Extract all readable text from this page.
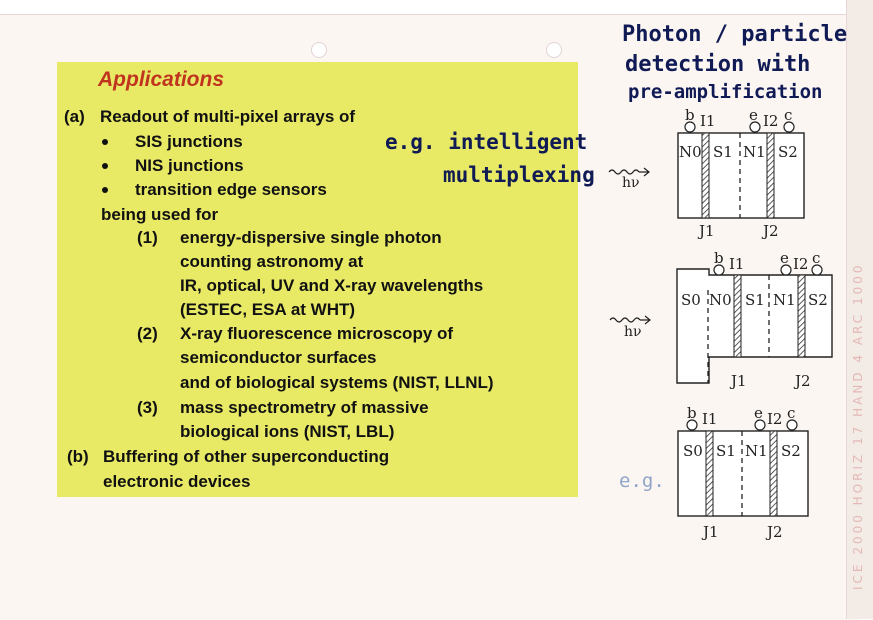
ICE 2000 HORIZ 17 HAND 4 ARC 1000
Applications
(a) Readout of multi-pixel arrays of
SIS junctions
NIS junctions
transition edge sensors
being used for
(1) energy-dispersive single photon
counting astronomy at
IR, optical, UV and X-ray wavelengths
(ESTEC, ESA at WHT)
(2) X-ray fluorescence microscopy of
semiconductor surfaces
and of biological systems (NIST, LLNL)
(3) mass spectrometry of massive
biological ions (NIST, LBL)
(b) Buffering of other superconducting
electronic devices
Photon / particle
detection with
pre-amplification
e.g. intelligent
multiplexing
e.g.
b I1 e I2 c
N0 S1 N1 S2
J1	J2
hν
b I1 e I2 c
S0 N0 S1 N1 S2
J1	J2
hν
b I1 e I2 c
S0 S1 N1 S2
J1	J2
